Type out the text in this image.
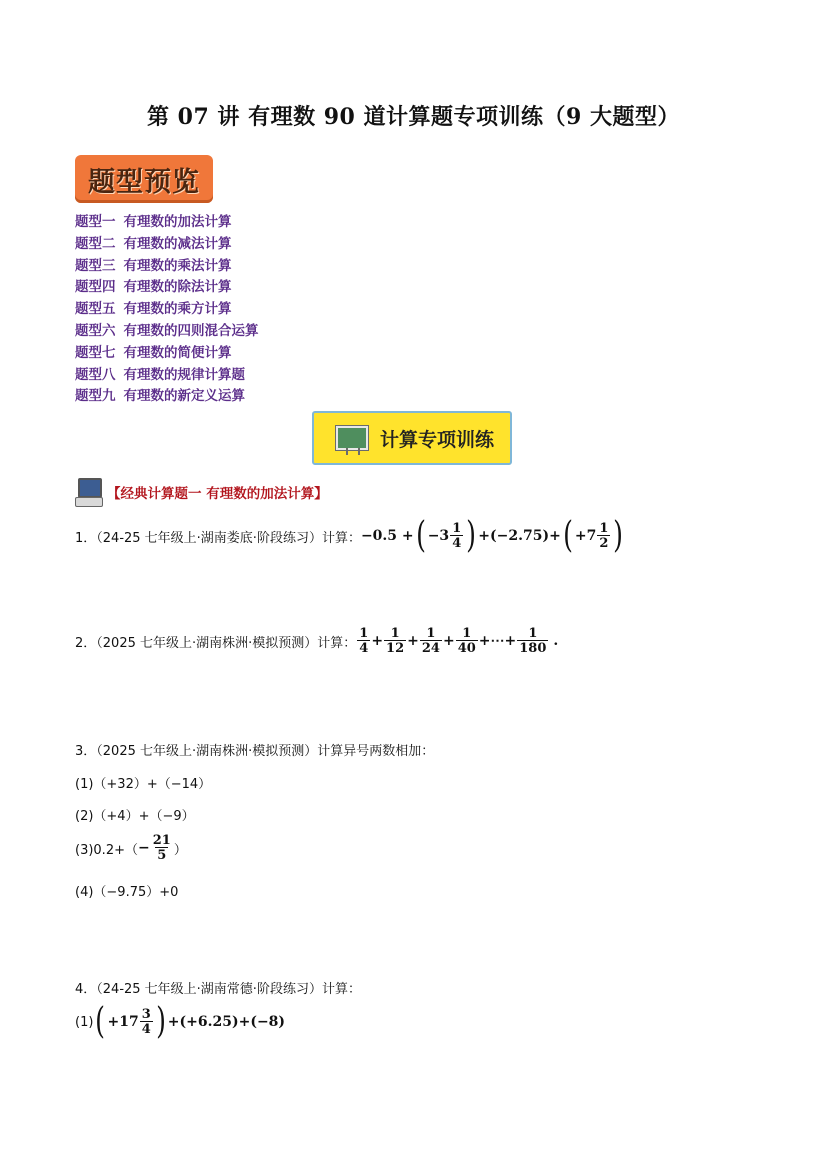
第 07 讲 有理数 90 道计算题专项训练（9 大题型）
题型预览
题型一 有理数的加法计算
题型二 有理数的减法计算
题型三 有理数的乘法计算
题型四 有理数的除法计算
题型五 有理数的乘方计算
题型六 有理数的四则混合运算
题型七 有理数的简便计算
题型八 有理数的规律计算题
题型九 有理数的新定义运算
计算专项训练
【经典计算题一 有理数的加法计算】
1．（24-25 七年级上·湖南娄底·阶段练习）计算： −0.5 + ( $-3 \frac{1}{4}$ ) + (−2.75) + ( $+7 \frac{1}{2}$ )
2．（2025 七年级上·湖南株洲·模拟预测）计算： $\frac{1}{4} + \frac{1}{12} + \frac{1}{24} + \frac{1}{40}$ +⋯+ $\frac{1}{180}$ .
3．（2025 七年级上·湖南株洲·模拟预测）计算异号两数相加：
(1)（+32）+（−14）
(2)（+4）+（−9）
$(3)0.2+( - \frac{21}{5}$ ）
(4)（−9.75）+0
4．（24-25 七年级上·湖南常德·阶段练习）计算：
(1) ( $+17 \frac{3}{4}$ ) + (+6.25) + (−8)
